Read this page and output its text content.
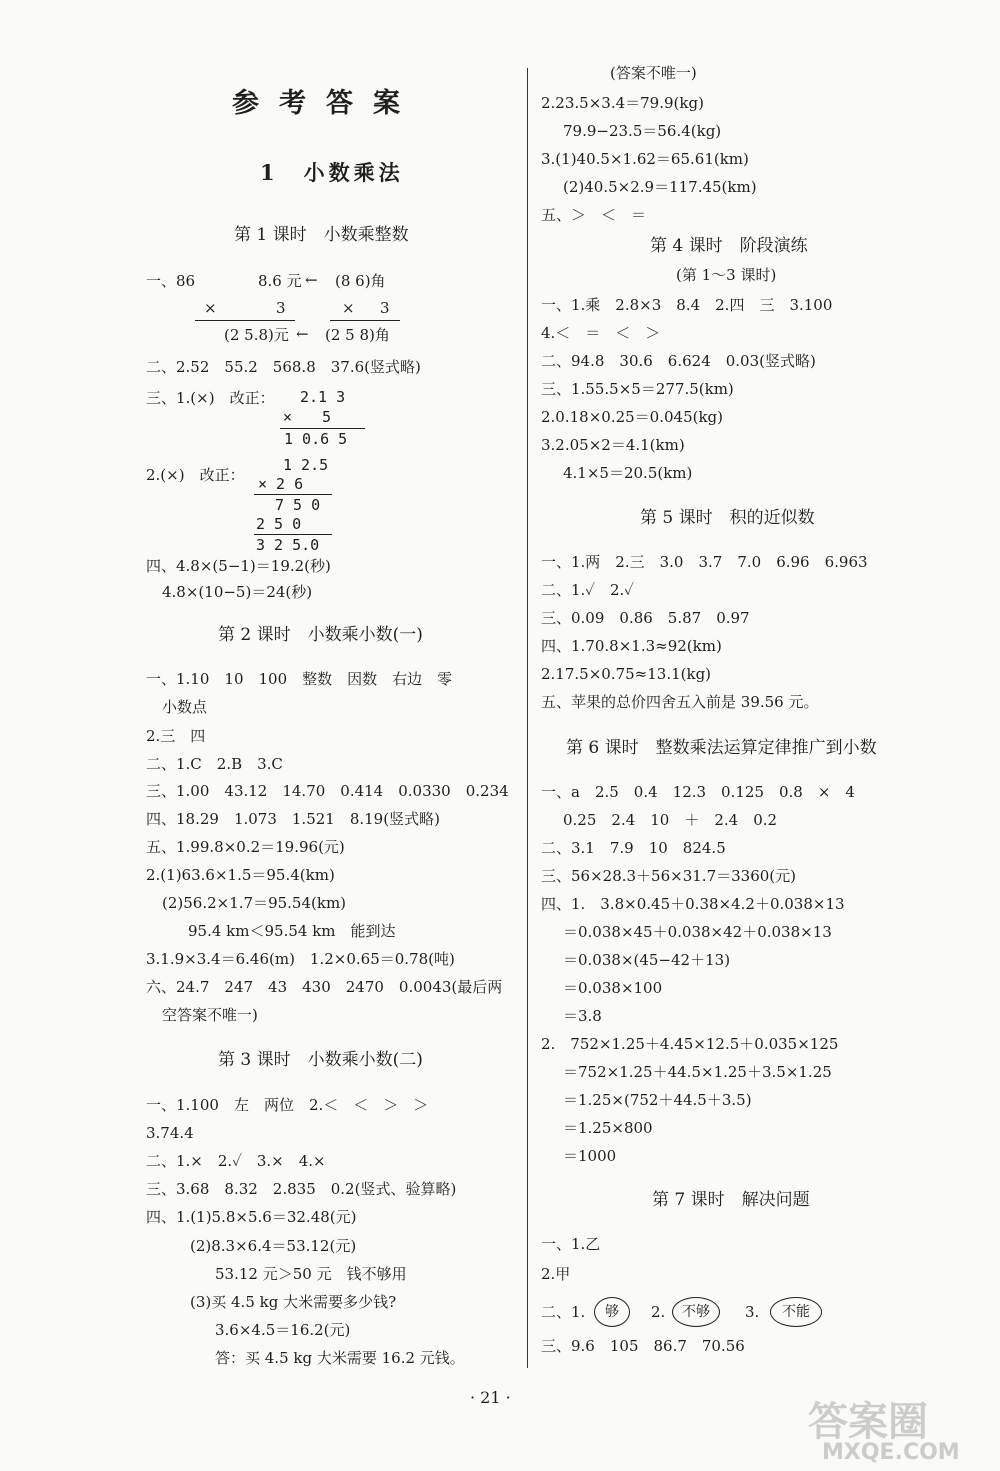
参考答案
1　小数乘法
第 1 课时　小数乘整数
一、86	8.6 元 ← (8 6)角
×	3	× 3
(2 5.8)元 ← (2 5 8)角
二、2.52　55.2　568.8　37.6(竖式略)
三、1.(×)　改正： 2.1 3
×　　5
1 0.6 5
2.(×)　改正：
1 2.5
× 2 6
7 5 0
2 5 0
3 2 5.0
四、4.8×(5−1)＝19.2(秒)
4.8×(10−5)＝24(秒)
第 2 课时　小数乘小数(一)
一、1.10　10　100　整数　因数　右边　零
小数点
2.三　四
二、1.C　2.B　3.C
三、1.00　43.12　14.70　0.414　0.0330　0.234
四、18.29　1.073　1.521　8.19(竖式略)
五、1.99.8×0.2＝19.96(元)
2.(1)63.6×1.5＝95.4(km)
(2)56.2×1.7＝95.54(km)
95.4 km＜95.54 km　能到达
3.1.9×3.4＝6.46(m)　1.2×0.65＝0.78(吨)
六、24.7　247　43　430　2470　0.0043(最后两
空答案不唯一)
第 3 课时　小数乘小数(二)
一、1.100　左　两位　2.＜　＜　＞　＞
3.74.4
二、1.×　2.✓　3.×　4.×
三、3.68　8.32　2.835　0.2(竖式、验算略)
四、1.(1)5.8×5.6＝32.48(元)
(2)8.3×6.4＝53.12(元)
53.12 元＞50 元　钱不够用
(3)买 4.5 kg 大米需要多少钱?
3.6×4.5＝16.2(元)
答：买 4.5 kg 大米需要 16.2 元钱。
(答案不唯一)
2.23.5×3.4＝79.9(kg)
79.9−23.5＝56.4(kg)
3.(1)40.5×1.62＝65.61(km)
(2)40.5×2.9＝117.45(km)
五、＞　＜　＝
第 4 课时　阶段演练
(第 1～3 课时)
一、1.乘　2.8×3　8.4　2.四　三　3.100
4.＜　＝　＜　＞
二、94.8　30.6　6.624　0.03(竖式略)
三、1.55.5×5＝277.5(km)
2.0.18×0.25＝0.045(kg)
3.2.05×2＝4.1(km)
4.1×5＝20.5(km)
第 5 课时　积的近似数
一、1.两　2.三　3.0　3.7　7.0　6.96　6.963
二、1.✓　2.✓
三、0.09　0.86　5.87　0.97
四、1.70.8×1.3≈92(km)
2.17.5×0.75≈13.1(kg)
五、苹果的总价四舍五入前是 39.56 元。
第 6 课时　整数乘法运算定律推广到小数
一、a　2.5　0.4　12.3　0.125　0.8　×　4
0.25　2.4　10　＋　2.4　0.2
二、3.1　7.9　10　824.5
三、56×28.3＋56×31.7＝3360(元)
四、1.　3.8×0.45＋0.38×4.2＋0.038×13
＝0.038×45＋0.038×42＋0.038×13
＝0.038×(45−42＋13)
＝0.038×100
＝3.8
2.　752×1.25＋4.45×12.5＋0.035×125
＝752×1.25＋44.5×1.25＋3.5×1.25
＝1.25×(752＋44.5＋3.5)
＝1.25×800
＝1000
第 7 课时　解决问题
一、1.乙
2.甲
二、1.	够	2.	不够	3.	不能
三、9.6　105　86.7　70.56
· 21 ·
答案圈
MXQE.COM
